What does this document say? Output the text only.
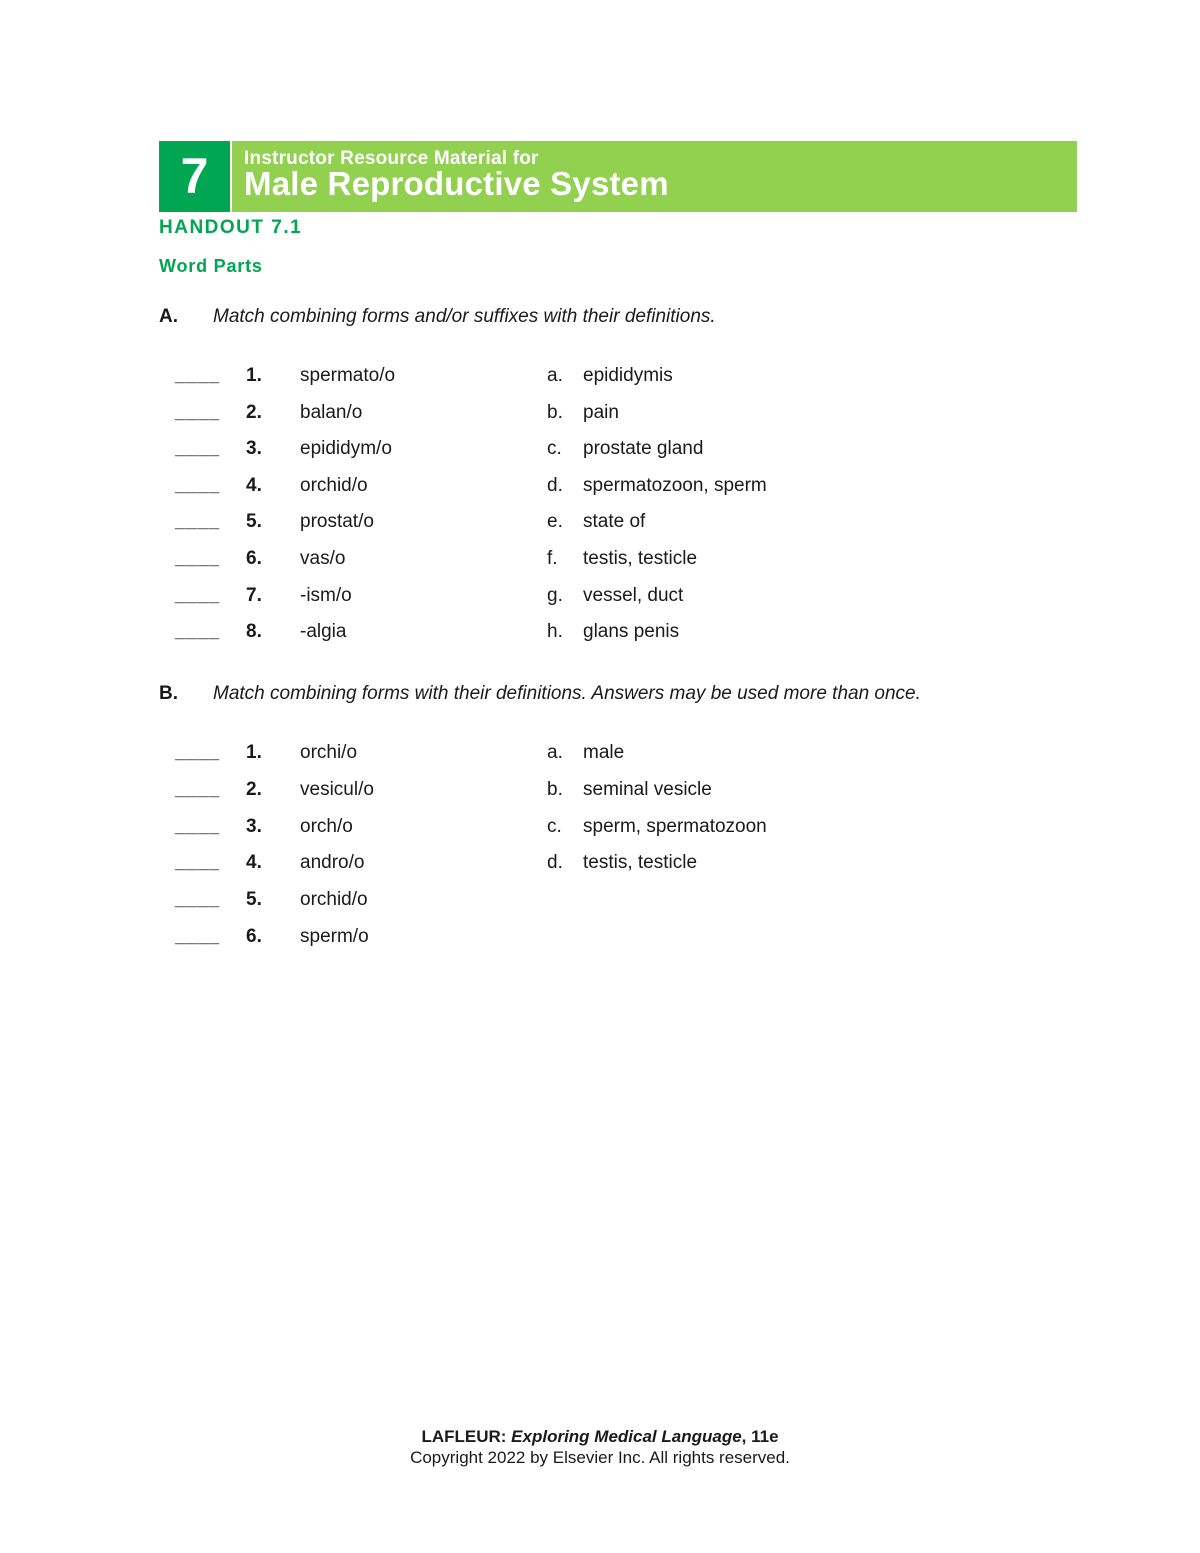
7	Instructor Resource Material for
Male Reproductive System
HANDOUT 7.1
Word Parts
A. Match combining forms and/or suffixes with their definitions.
____ 1. spermato/o	a. epididymis
____ 2. balan/o	b. pain
____ 3. epididym/o	c. prostate gland
____ 4. orchid/o	d. spermatozoon, sperm
____ 5. prostat/o	e. state of
____ 6. vas/o	f. testis, testicle
____ 7. -ism/o	g. vessel, duct
____ 8. -algia	h. glans penis
B. Match combining forms with their definitions. Answers may be used more than once.
____ 1. orchi/o	a. male
____ 2. vesicul/o	b. seminal vesicle
____ 3. orch/o	c. sperm, spermatozoon
____ 4. andro/o	d. testis, testicle
____ 5. orchid/o
____ 6. sperm/o
LAFLEUR: Exploring Medical Language, 11e
Copyright 2022 by Elsevier Inc. All rights reserved.
